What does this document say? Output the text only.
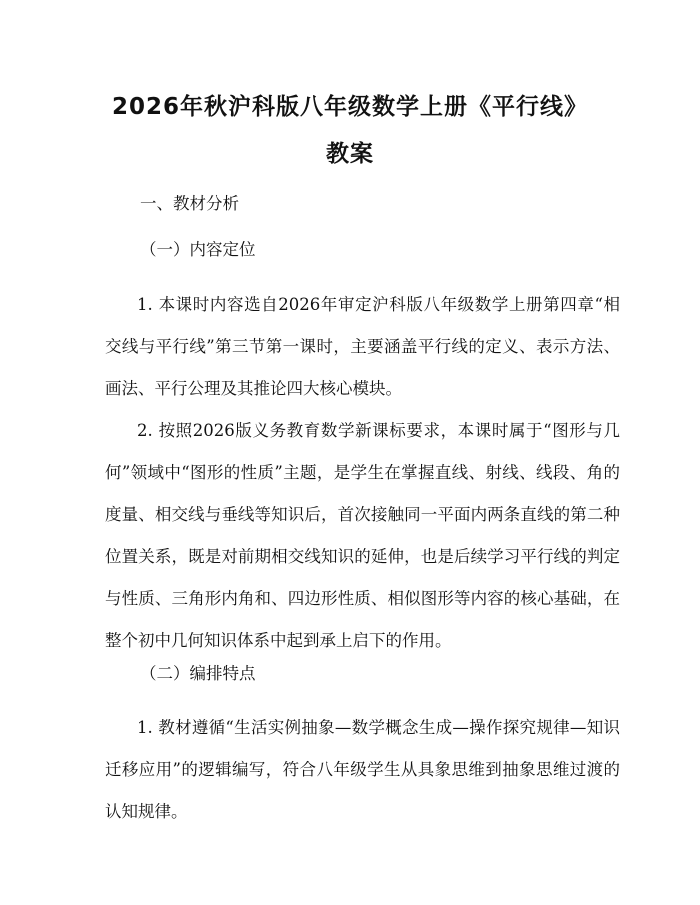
2026年秋沪科版八年级数学上册《平行线》
教案
一、教材分析
（一）内容定位

1. 本课时内容选自2026年审定沪科版八年级数学上册第四章“相交线与平行线”第三节第一课时，主要涵盖平行线的定义、表示方法、画法、平行公理及其推论四大核心模块。

2. 按照2026版义务教育数学新课标要求，本课时属于“图形与几何”领域中“图形的性质”主题，是学生在掌握直线、射线、线段、角的度量、相交线与垂线等知识后，首次接触同一平面内两条直线的第二种位置关系，既是对前期相交线知识的延伸，也是后续学习平行线的判定与性质、三角形内角和、四边形性质、相似图形等内容的核心基础，在整个初中几何知识体系中起到承上启下的作用。

（二）编排特点

1. 教材遵循“生活实例抽象—数学概念生成—操作探究规律—知识迁移应用”的逻辑编写，符合八年级学生从具象思维到抽象思维过渡的认知规律。
